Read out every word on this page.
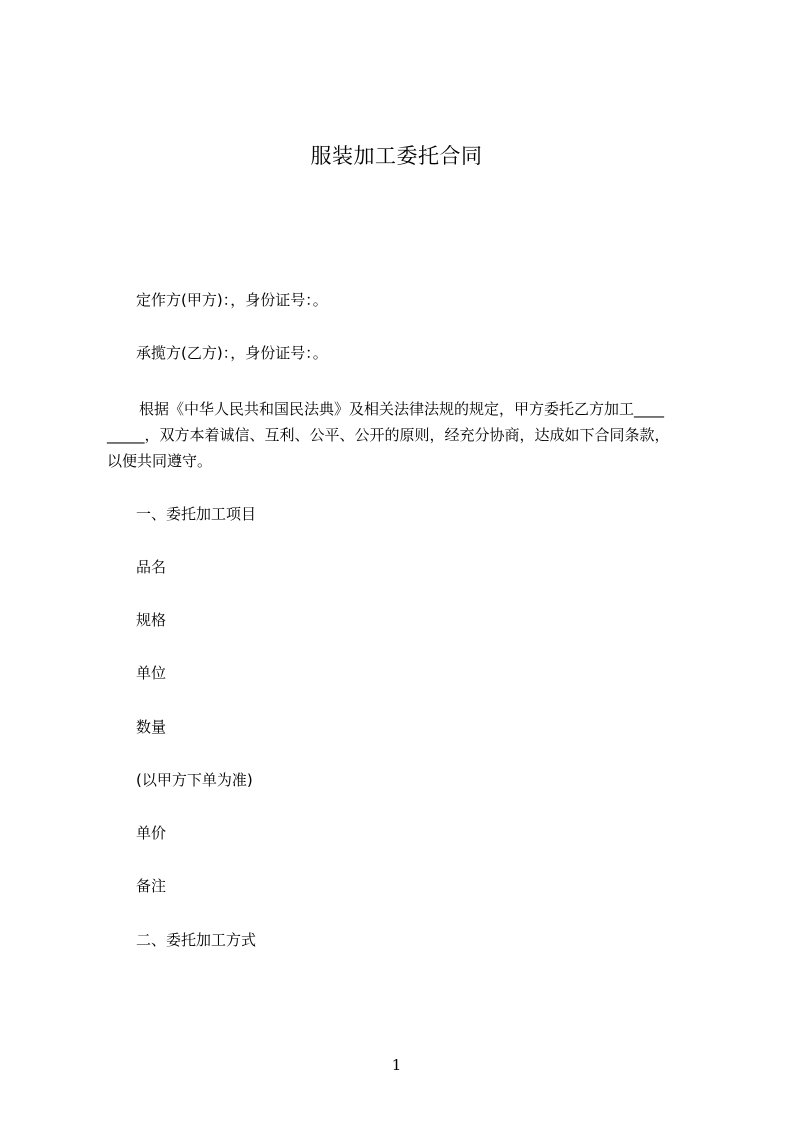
服装加工委托合同
定作方(甲方)：，身份证号：。
承揽方(乙方)：，身份证号：。
根据《中华人民共和国民法典》及相关法律法规的规定，甲方委托乙方加工____
_____，双方本着诚信、互利、公平、公开的原则，经充分协商，达成如下合同条款，
以便共同遵守。
一、委托加工项目
品名
规格
单位
数量
(以甲方下单为准)
单价
备注
二、委托加工方式
1
